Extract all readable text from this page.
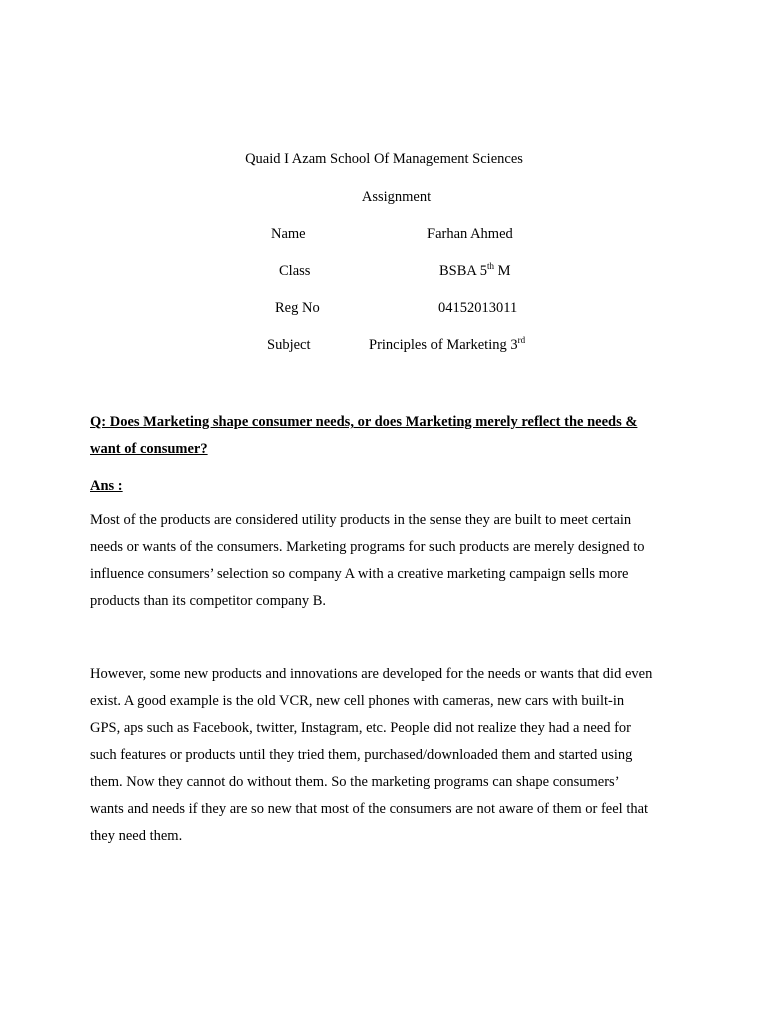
Quaid I Azam School Of Management Sciences
Assignment
Name	Farhan Ahmed
Class	BSBA 5th M
Reg No	04152013011
Subject	Principles of Marketing 3rd
Q: Does Marketing shape consumer needs, or does Marketing merely reflect the needs &
want of consumer?
Ans :
Most of the products are considered utility products in the sense they are built to meet certain
needs or wants of the consumers. Marketing programs for such products are merely designed to
influence consumers’ selection so company A with a creative marketing campaign sells more
products than its competitor company B.
However, some new products and innovations are developed for the needs or wants that did even
exist. A good example is the old VCR, new cell phones with cameras, new cars with built-in
GPS, aps such as Facebook, twitter, Instagram, etc. People did not realize they had a need for
such features or products until they tried them, purchased/downloaded them and started using
them. Now they cannot do without them. So the marketing programs can shape consumers’
wants and needs if they are so new that most of the consumers are not aware of them or feel that
they need them.
